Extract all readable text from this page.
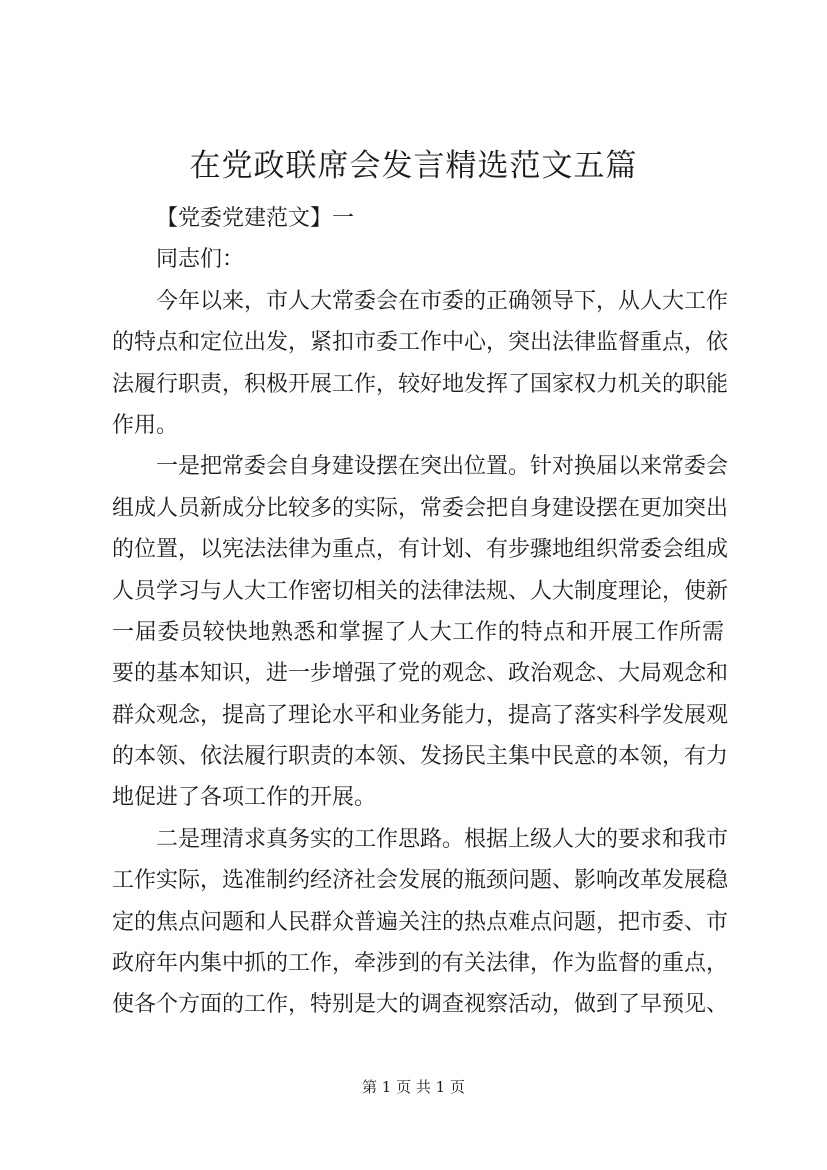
在党政联席会发言精选范文五篇
【党委党建范文】一
同志们：
今年以来，市人大常委会在市委的正确领导下，从人大工作
的特点和定位出发，紧扣市委工作中心，突出法律监督重点，依
法履行职责，积极开展工作，较好地发挥了国家权力机关的职能
作用。
一是把常委会自身建设摆在突出位置。针对换届以来常委会
组成人员新成分比较多的实际，常委会把自身建设摆在更加突出
的位置，以宪法法律为重点，有计划、有步骤地组织常委会组成
人员学习与人大工作密切相关的法律法规、人大制度理论，使新
一届委员较快地熟悉和掌握了人大工作的特点和开展工作所需
要的基本知识，进一步增强了党的观念、政治观念、大局观念和
群众观念，提高了理论水平和业务能力，提高了落实科学发展观
的本领、依法履行职责的本领、发扬民主集中民意的本领，有力
地促进了各项工作的开展。
二是理清求真务实的工作思路。根据上级人大的要求和我市
工作实际，选准制约经济社会发展的瓶颈问题、影响改革发展稳
定的焦点问题和人民群众普遍关注的热点难点问题，把市委、市
政府年内集中抓的工作，牵涉到的有关法律，作为监督的重点，
使各个方面的工作，特别是大的调查视察活动，做到了早预见、
第 1 页 共 1 页
